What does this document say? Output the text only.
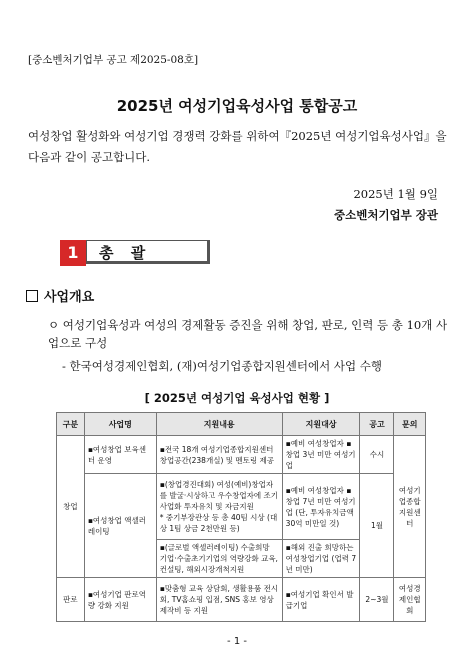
[중소벤처기업부 공고 제2025-08호]
2025년 여성기업육성사업 통합공고
여성창업 활성화와 여성기업 경쟁력 강화를 위하여『2025년 여성기업육성사업』을 다음과 같이 공고합니다.
2025년 1월 9일
중소벤처기업부 장관
1	총 괄
사업개요
ㅇ 여성기업육성과 여성의 경제활동 증진을 위해 창업, 판로, 인력 등 총 10개 사업으로 구성
- 한국여성경제인협회, (재)여성기업종합지원센터에서 사업 수행
[ 2025년 여성기업 육성사업 현황 ]
구분	사업명	지원내용	지원대상	공고	문의
창업	▪여성창업 보육센터 운영	▪전국 18개 여성기업종합지원센터 창업공간(238개실) 및 멘토링 제공	▪예비 여성창업자 ▪창업 3년 미만 여성기업	수시	여성기업종합지원센터
	▪여성창업 액셀러레이팅	▪(창업경진대회) 여성(예비)창업자를 발굴·시상하고 우수창업자에 조기 사업화 투자유치 및 자금지원
* 중기부장관상 등 총 40팀 시상 (대상 1팀 상금 2천만원 등)	▪예비 여성창업자 ▪창업 7년 미만 여성기업 (단, 투자유치금액 30억 미만일 것)	1월	
		▪(글로벌 액셀러레이팅) 수출희망 기업·수출초기기업의 역량강화 교육, 컨설팅, 해외시장개척지원	▪해외 진출 희망하는 여성창업기업 (업력 7년 미만)		
판로	▪여성기업 판로역량 강화 지원	▪맞춤형 교육 상담회, 생활용품 전시회, TV홈쇼핑 입점, SNS 홍보 영상 제작비 등 지원	▪여성기업 확인서 발급기업	2~3월	여성경제인협회
- 1 -
